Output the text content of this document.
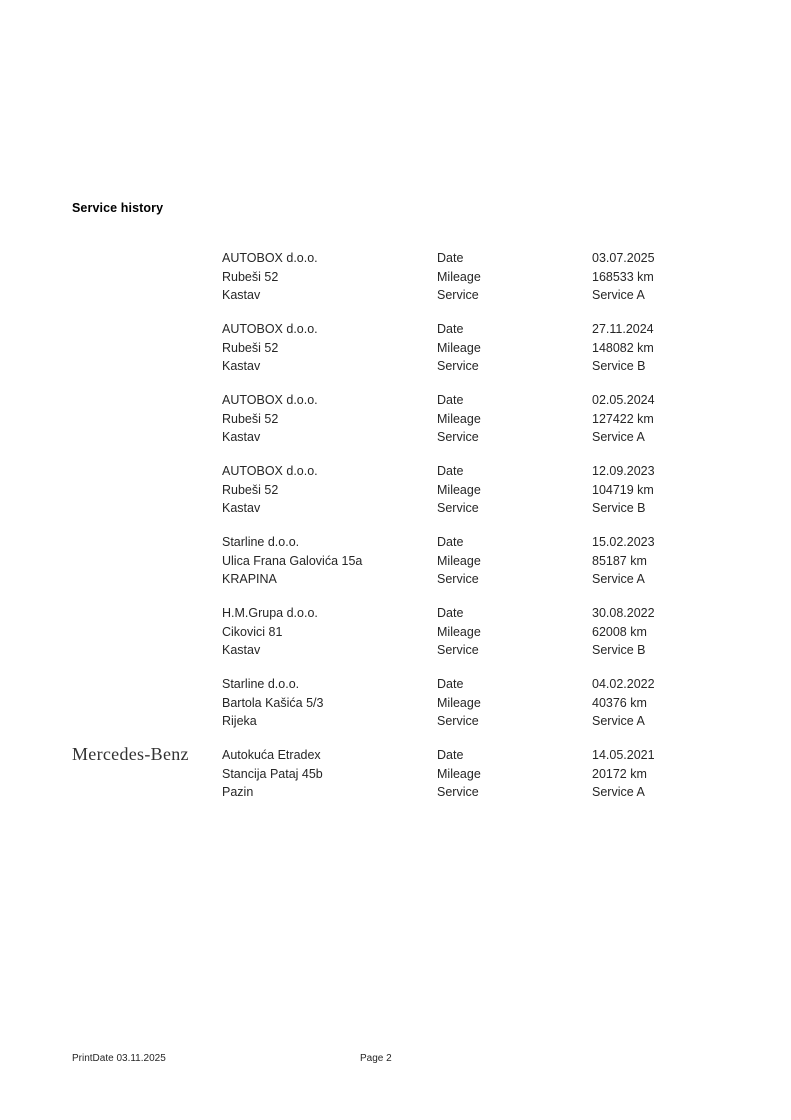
Service history
Mercedes-Benz
AUTOBOX d.o.o.
Rubeši 52
Kastav
Date
Mileage
Service
03.07.2025
168533 km
Service A
AUTOBOX d.o.o.
Rubeši 52
Kastav
Date
Mileage
Service
27.11.2024
148082 km
Service B
AUTOBOX d.o.o.
Rubeši 52
Kastav
Date
Mileage
Service
02.05.2024
127422 km
Service A
AUTOBOX d.o.o.
Rubeši 52
Kastav
Date
Mileage
Service
12.09.2023
104719 km
Service B
Starline d.o.o.
Ulica Frana Galovića 15a
KRAPINA
Date
Mileage
Service
15.02.2023
85187 km
Service A
H.M.Grupa d.o.o.
Cikovici 81
Kastav
Date
Mileage
Service
30.08.2022
62008 km
Service B
Starline d.o.o.
Bartola Kašića 5/3
Rijeka
Date
Mileage
Service
04.02.2022
40376 km
Service A
Autokuća Etradex
Stancija Pataj 45b
Pazin
Date
Mileage
Service
14.05.2021
20172 km
Service A
PrintDate 03.11.2025	Page 2
